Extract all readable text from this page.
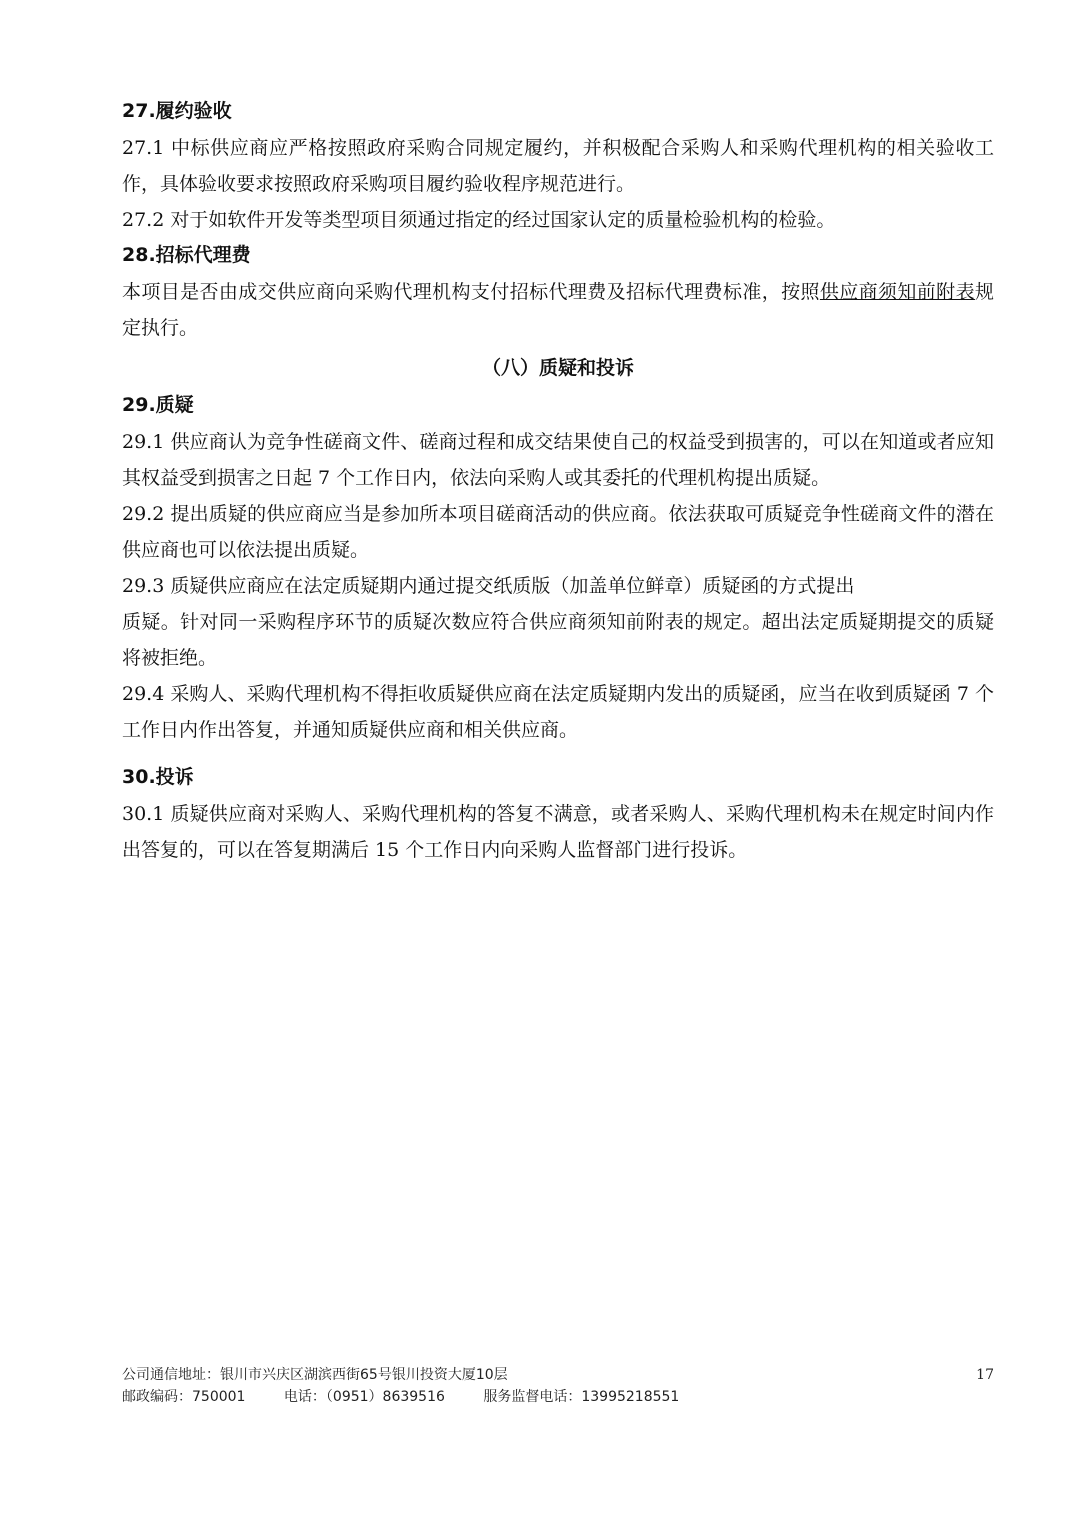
27.履约验收

27.1 中标供应商应严格按照政府采购合同规定履约，并积极配合采购人和采购代理机构的相关验收工作，具体验收要求按照政府采购项目履约验收程序规范进行。

27.2 对于如软件开发等类型项目须通过指定的经过国家认定的质量检验机构的检验。

28.招标代理费

本项目是否由成交供应商向采购代理机构支付招标代理费及招标代理费标准，按照供应商须知前附表规定执行。

（八）质疑和投诉
29.质疑

29.1 供应商认为竞争性磋商文件、磋商过程和成交结果使自己的权益受到损害的，可以在知道或者应知其权益受到损害之日起 7 个工作日内，依法向采购人或其委托的代理机构提出质疑。

29.2 提出质疑的供应商应当是参加所本项目磋商活动的供应商。依法获取可质疑竞争性磋商文件的潜在供应商也可以依法提出质疑。

29.3 质疑供应商应在法定质疑期内通过提交纸质版（加盖单位鲜章）质疑函的方式提出

质疑。针对同一采购程序环节的质疑次数应符合供应商须知前附表的规定。超出法定质疑期提交的质疑将被拒绝。

29.4 采购人、采购代理机构不得拒收质疑供应商在法定质疑期内发出的质疑函，应当在收到质疑函 7 个工作日内作出答复，并通知质疑供应商和相关供应商。

30.投诉

30.1 质疑供应商对采购人、采购代理机构的答复不满意，或者采购人、采购代理机构未在规定时间内作出答复的，可以在答复期满后 15 个工作日内向采购人监督部门进行投诉。

公司通信地址：银川市兴庆区湖滨西街65号银川投资大厦10层
邮政编码：750001	电话：（0951）8639516	服务监督电话：13995218551
17
